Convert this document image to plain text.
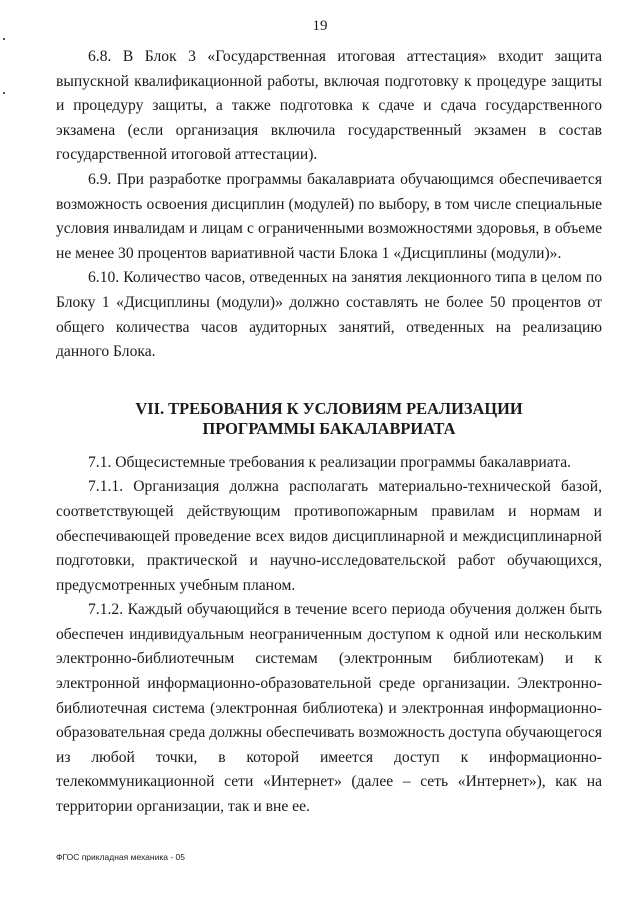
19

6.8. В Блок 3 «Государственная итоговая аттестация» входит защита выпускной квалификационной работы, включая подготовку к процедуре защиты и процедуру защиты, а также подготовка к сдаче и сдача государственного экзамена (если организация включила государственный экзамен в состав государственной итоговой аттестации).

6.9. При разработке программы бакалавриата обучающимся обеспечивается возможность освоения дисциплин (модулей) по выбору, в том числе специальные условия инвалидам и лицам с ограниченными возможностями здоровья, в объеме не менее 30 процентов вариативной части Блока 1 «Дисциплины (модули)».

6.10. Количество часов, отведенных на занятия лекционного типа в целом по Блоку 1 «Дисциплины (модули)» должно составлять не более 50 процентов от общего количества часов аудиторных занятий, отведенных на реализацию данного Блока.

VII. ТРЕБОВАНИЯ К УСЛОВИЯМ РЕАЛИЗАЦИИ ПРОГРАММЫ БАКАЛАВРИАТА

7.1. Общесистемные требования к реализации программы бакалавриата.

7.1.1. Организация должна располагать материально-технической базой, соответствующей действующим противопожарным правилам и нормам и обеспечивающей проведение всех видов дисциплинарной и междисциплинарной подготовки, практической и научно-исследовательской работ обучающихся, предусмотренных учебным планом.

7.1.2. Каждый обучающийся в течение всего периода обучения должен быть обеспечен индивидуальным неограниченным доступом к одной или нескольким электронно-библиотечным системам (электронным библиотекам) и к электронной информационно-образовательной среде организации. Электронно-библиотечная система (электронная библиотека) и электронная информационно-образовательная среда должны обеспечивать возможность доступа обучающегося из любой точки, в которой имеется доступ к информационно-телекоммуникационной сети «Интернет» (далее – сеть «Интернет»), как на территории организации, так и вне ее.

ФГОС прикладная механика - 05
